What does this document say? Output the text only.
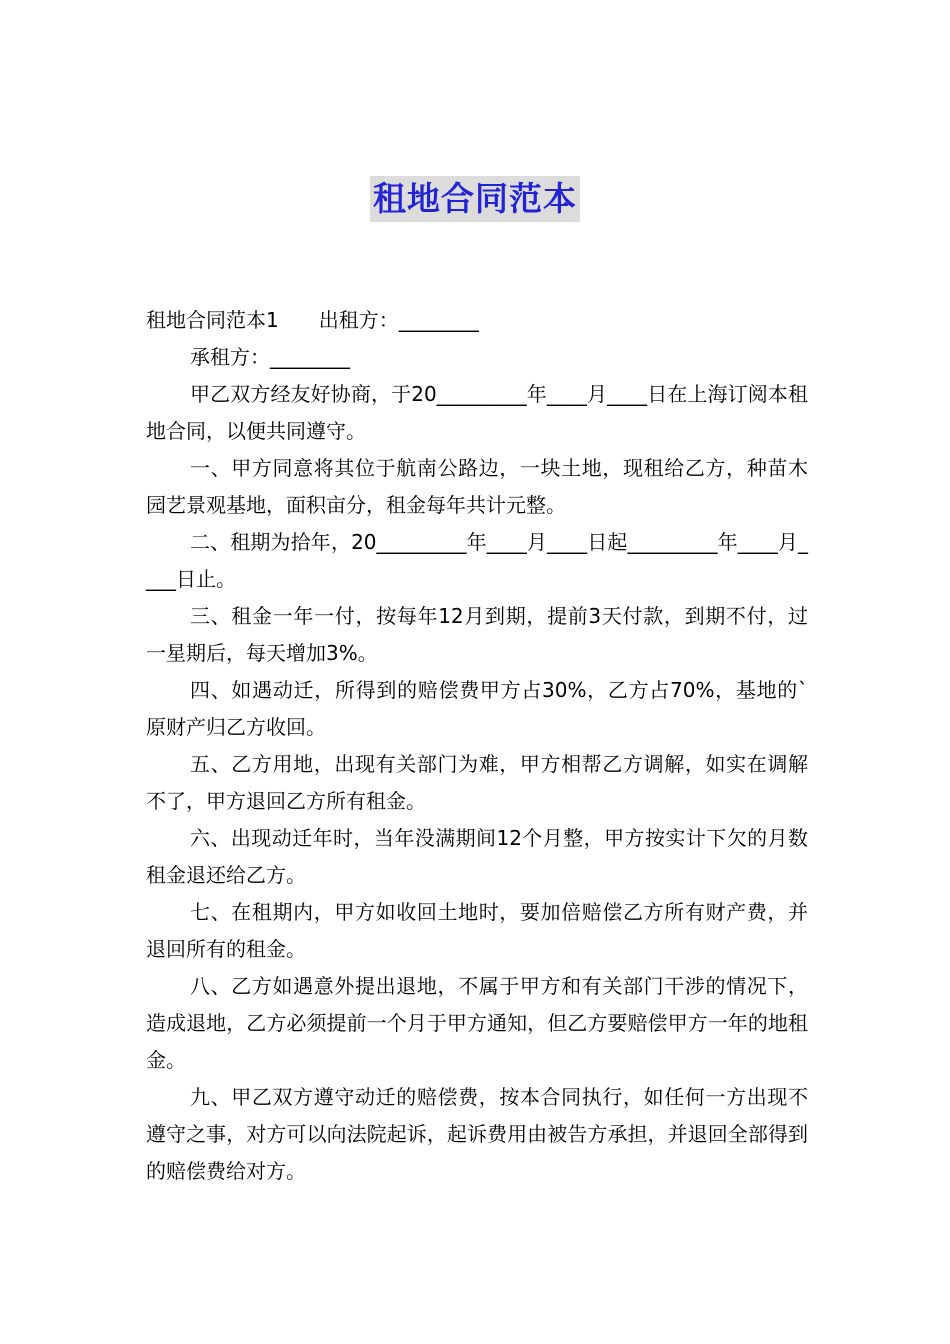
租地合同范本

租地合同范本1　　出租方：________

承租方：________

甲乙双方经友好协商，于20_________年____月____日在上海订阅本租地合同，以便共同遵守。

一、甲方同意将其位于航南公路边，一块土地，现租给乙方，种苗木园艺景观基地，面积亩分，租金每年共计元整。

二、租期为拾年，20_________年____月____日起_________年____月____日止。

三、租金一年一付，按每年12月到期，提前3天付款，到期不付，过一星期后，每天增加3%。

四、如遇动迁，所得到的赔偿费甲方占30%，乙方占70%，基地的`原财产归乙方收回。

五、乙方用地，出现有关部门为难，甲方相帮乙方调解，如实在调解不了，甲方退回乙方所有租金。

六、出现动迁年时，当年没满期间12个月整，甲方按实计下欠的月数租金退还给乙方。

七、在租期内，甲方如收回土地时，要加倍赔偿乙方所有财产费，并退回所有的租金。

八、乙方如遇意外提出退地，不属于甲方和有关部门干涉的情况下，造成退地，乙方必须提前一个月于甲方通知，但乙方要赔偿甲方一年的地租金。

九、甲乙双方遵守动迁的赔偿费，按本合同执行，如任何一方出现不遵守之事，对方可以向法院起诉，起诉费用由被告方承担，并退回全部得到的赔偿费给对方。
